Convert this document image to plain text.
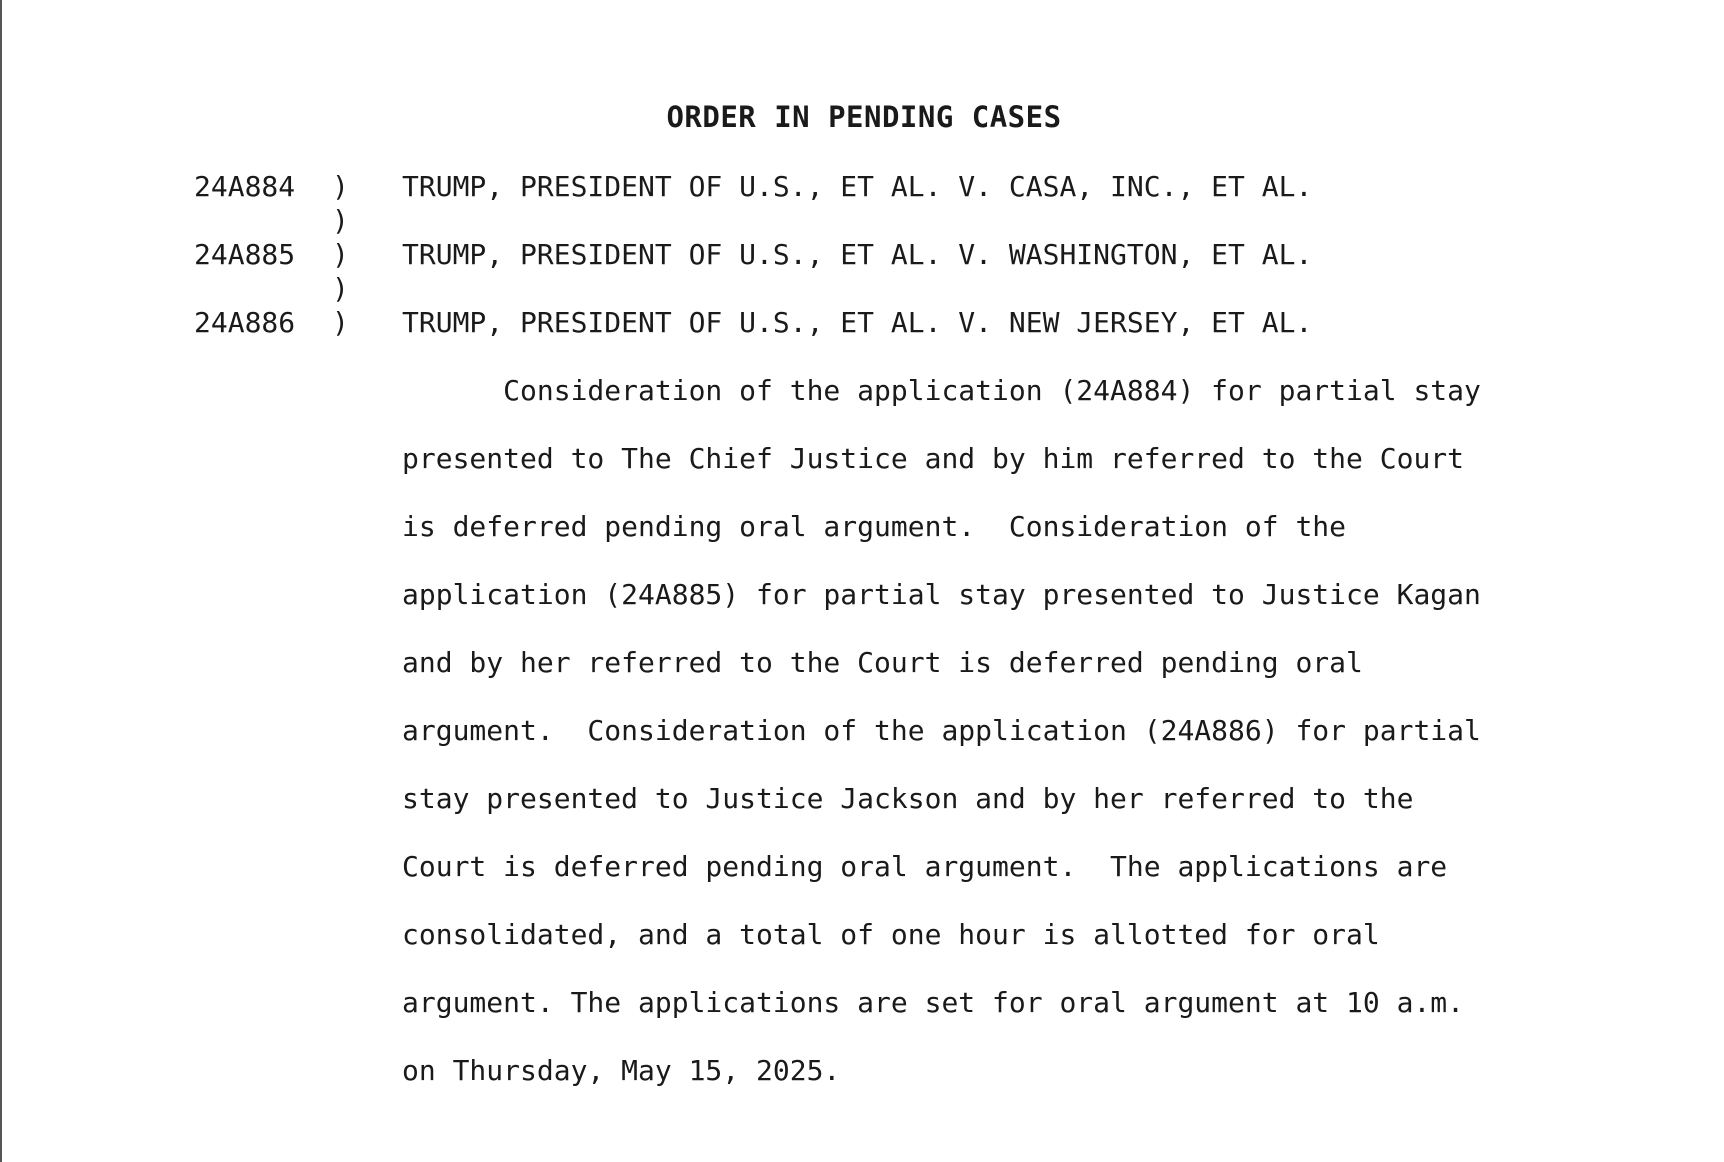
ORDER IN PENDING CASES
24A884 ) TRUMP, PRESIDENT OF U.S., ET AL. V. CASA, INC., ET AL.
)
24A885 ) TRUMP, PRESIDENT OF U.S., ET AL. V. WASHINGTON, ET AL.
)
24A886 ) TRUMP, PRESIDENT OF U.S., ET AL. V. NEW JERSEY, ET AL.
Consideration of the application (24A884) for partial stay
presented to The Chief Justice and by him referred to the Court
is deferred pending oral argument.  Consideration of the
application (24A885) for partial stay presented to Justice Kagan
and by her referred to the Court is deferred pending oral
argument.  Consideration of the application (24A886) for partial
stay presented to Justice Jackson and by her referred to the
Court is deferred pending oral argument.  The applications are
consolidated, and a total of one hour is allotted for oral
argument. The applications are set for oral argument at 10 a.m.
on Thursday, May 15, 2025.
